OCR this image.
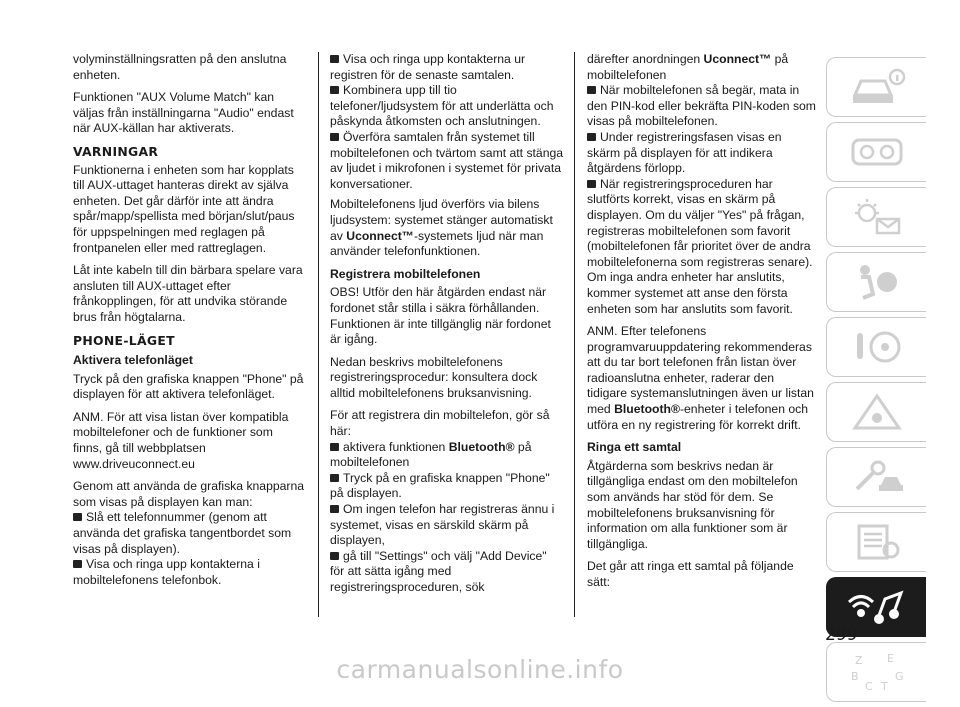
volyminställningsratten på den anslutna enheten.

Funktionen "AUX Volume Match" kan väljas från inställningarna "Audio" endast när AUX-källan har aktiverats.

VARNINGAR

Funktionerna i enheten som har kopplats till AUX-uttaget hanteras direkt av själva enheten. Det går därför inte att ändra spår/mapp/spellista med början/slut/paus för uppspelningen med reglagen på frontpanelen eller med rattreglagen.

Låt inte kabeln till din bärbara spelare vara ansluten till AUX-uttaget efter frånkopplingen, för att undvika störande brus från högtalarna.

PHONE-LÄGET
Aktivera telefonläget

Tryck på den grafiska knappen "Phone" på displayen för att aktivera telefonläget.

ANM. För att visa listan över kompatibla mobiltelefoner och de funktioner som finns, gå till webbplatsen www.driveuconnect.eu

Genom att använda de grafiska knapparna som visas på displayen kan man:

Slå ett telefonnummer (genom att använda det grafiska tangentbordet som visas på displayen).
Visa och ringa upp kontakterna i mobiltelefonens telefonbok.
Visa och ringa upp kontakterna ur registren för de senaste samtalen.
Kombinera upp till tio telefoner/ljudsystem för att underlätta och påskynda åtkomsten och anslutningen.
Överföra samtalen från systemet till mobiltelefonen och tvärtom samt att stänga av ljudet i mikrofonen i systemet för privata konversationer.

Mobiltelefonens ljud överförs via bilens ljudsystem: systemet stänger automatiskt av Uconnect™-systemets ljud när man använder telefonfunktionen.

Registrera mobiltelefonen

OBS! Utför den här åtgärden endast när fordonet står stilla i säkra förhållanden. Funktionen är inte tillgänglig när fordonet är igång.

Nedan beskrivs mobiltelefonens registreringsprocedur: konsultera dock alltid mobiltelefonens bruksanvisning.

För att registrera din mobiltelefon, gör så här:

aktivera funktionen Bluetooth® på mobiltelefonen
Tryck på en grafiska knappen "Phone" på displayen.
Om ingen telefon har registreras ännu i systemet, visas en särskild skärm på displayen,
gå till "Settings" och välj "Add Device" för att sätta igång med registreringsproceduren, sök

därefter anordningen Uconnect™ på mobiltelefonen

När mobiltelefonen så begär, mata in den PIN-kod eller bekräfta PIN-koden som visas på mobiltelefonen.
Under registreringsfasen visas en skärm på displayen för att indikera åtgärdens förlopp.
När registreringsproceduren har slutförts korrekt, visas en skärm på displayen. Om du väljer "Yes" på frågan, registreras mobiltelefonen som favorit (mobiltelefonen får prioritet över de andra mobiltelefonerna som registreras senare). Om inga andra enheter har anslutits, kommer systemet att anse den första enheten som har anslutits som favorit.

ANM. Efter telefonens programvaruuppdatering rekommenderas att du tar bort telefonen från listan över radioanslutna enheter, raderar den tidigare systemanslutningen även ur listan med Bluetooth®-enheter i telefonen och utföra en ny registrering för korrekt drift.

Ringa ett samtal

Åtgärderna som beskrivs nedan är tillgängliga endast om den mobiltelefon som används har stöd för dem. Se mobiltelefonens bruksanvisning för information om alla funktioner som är tillgängliga.

Det går att ringa ett samtal på följande sätt:

Z E
B
C T
G
299
carmanualsonline.info
